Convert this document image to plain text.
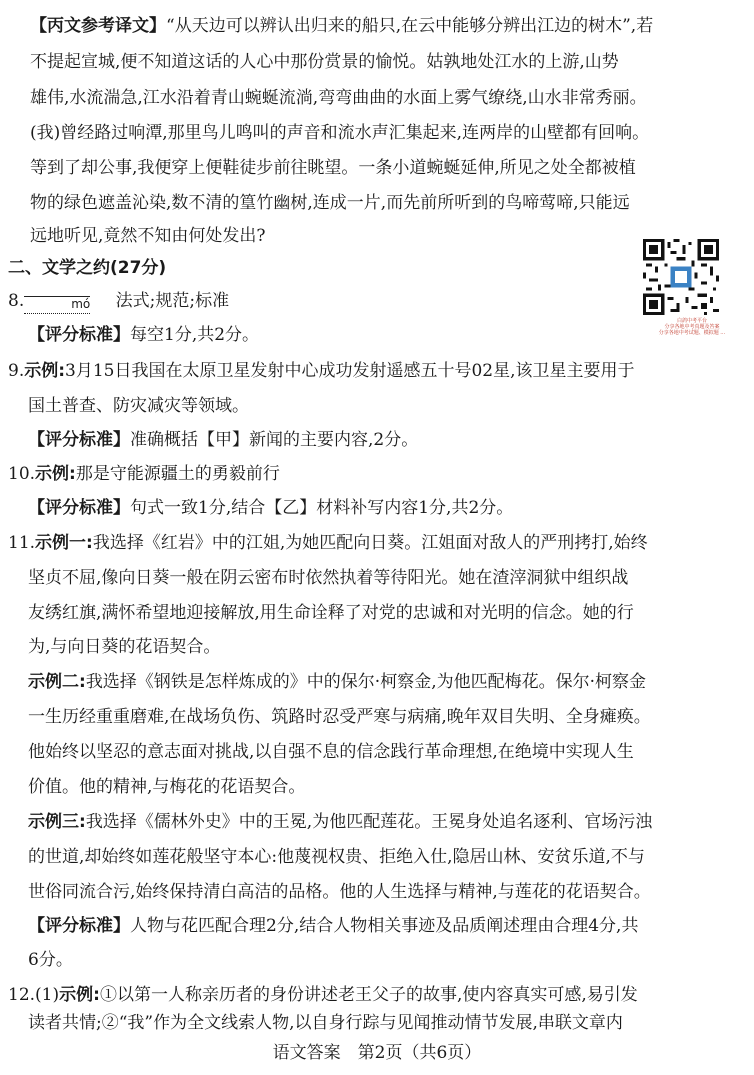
【丙文参考译文】“从天边可以辨认出归来的船只,在云中能够分辨出江边的树木”,若
不提起宣城,便不知道这话的人心中那份赏景的愉悦。姑孰地处江水的上游,山势
雄伟,水流湍急,江水沿着青山蜿蜒流淌,弯弯曲曲的水面上雾气缭绕,山水非常秀丽。
(我)曾经路过响潭,那里鸟儿鸣叫的声音和流水声汇集起来,连两岸的山壁都有回响。
等到了却公事,我便穿上便鞋徒步前往眺望。一条小道蜿蜒延伸,所见之处全都被植
物的绿色遮盖沁染,数不清的篁竹幽树,连成一片,而先前所听到的鸟啼莺啼,只能远
远地听见,竟然不知由何处发出?
二、文学之约(27分)
白鸽中考平台
分享各地中考真题及答案
分享各地中考试题、模拟题 …
8.	mó 法式;规范;标准
【评分标准】每空1分,共2分。
9.示例:3月15日我国在太原卫星发射中心成功发射遥感五十号02星,该卫星主要用于
国土普查、防灾减灾等领域。
【评分标准】准确概括【甲】新闻的主要内容,2分。
10.示例:那是守能源疆土的勇毅前行
【评分标准】句式一致1分,结合【乙】材料补写内容1分,共2分。
11.示例一:我选择《红岩》中的江姐,为她匹配向日葵。江姐面对敌人的严刑拷打,始终
坚贞不屈,像向日葵一般在阴云密布时依然执着等待阳光。她在渣滓洞狱中组织战
友绣红旗,满怀希望地迎接解放,用生命诠释了对党的忠诚和对光明的信念。她的行
为,与向日葵的花语契合。
示例二:我选择《钢铁是怎样炼成的》中的保尔·柯察金,为他匹配梅花。保尔·柯察金
一生历经重重磨难,在战场负伤、筑路时忍受严寒与病痛,晚年双目失明、全身瘫痪。
他始终以坚忍的意志面对挑战,以自强不息的信念践行革命理想,在绝境中实现人生
价值。他的精神,与梅花的花语契合。
示例三:我选择《儒林外史》中的王冕,为他匹配莲花。王冕身处追名逐利、官场污浊
的世道,却始终如莲花般坚守本心:他蔑视权贵、拒绝入仕,隐居山林、安贫乐道,不与
世俗同流合污,始终保持清白高洁的品格。他的人生选择与精神,与莲花的花语契合。
【评分标准】人物与花匹配合理2分,结合人物相关事迹及品质阐述理由合理4分,共
6分。
12.(1)示例:①以第一人称亲历者的身份讲述老王父子的故事,使内容真实可感,易引发
读者共情;②“我”作为全文线索人物,以自身行踪与见闻推动情节发展,串联文章内
语文答案　第2页（共6页）
